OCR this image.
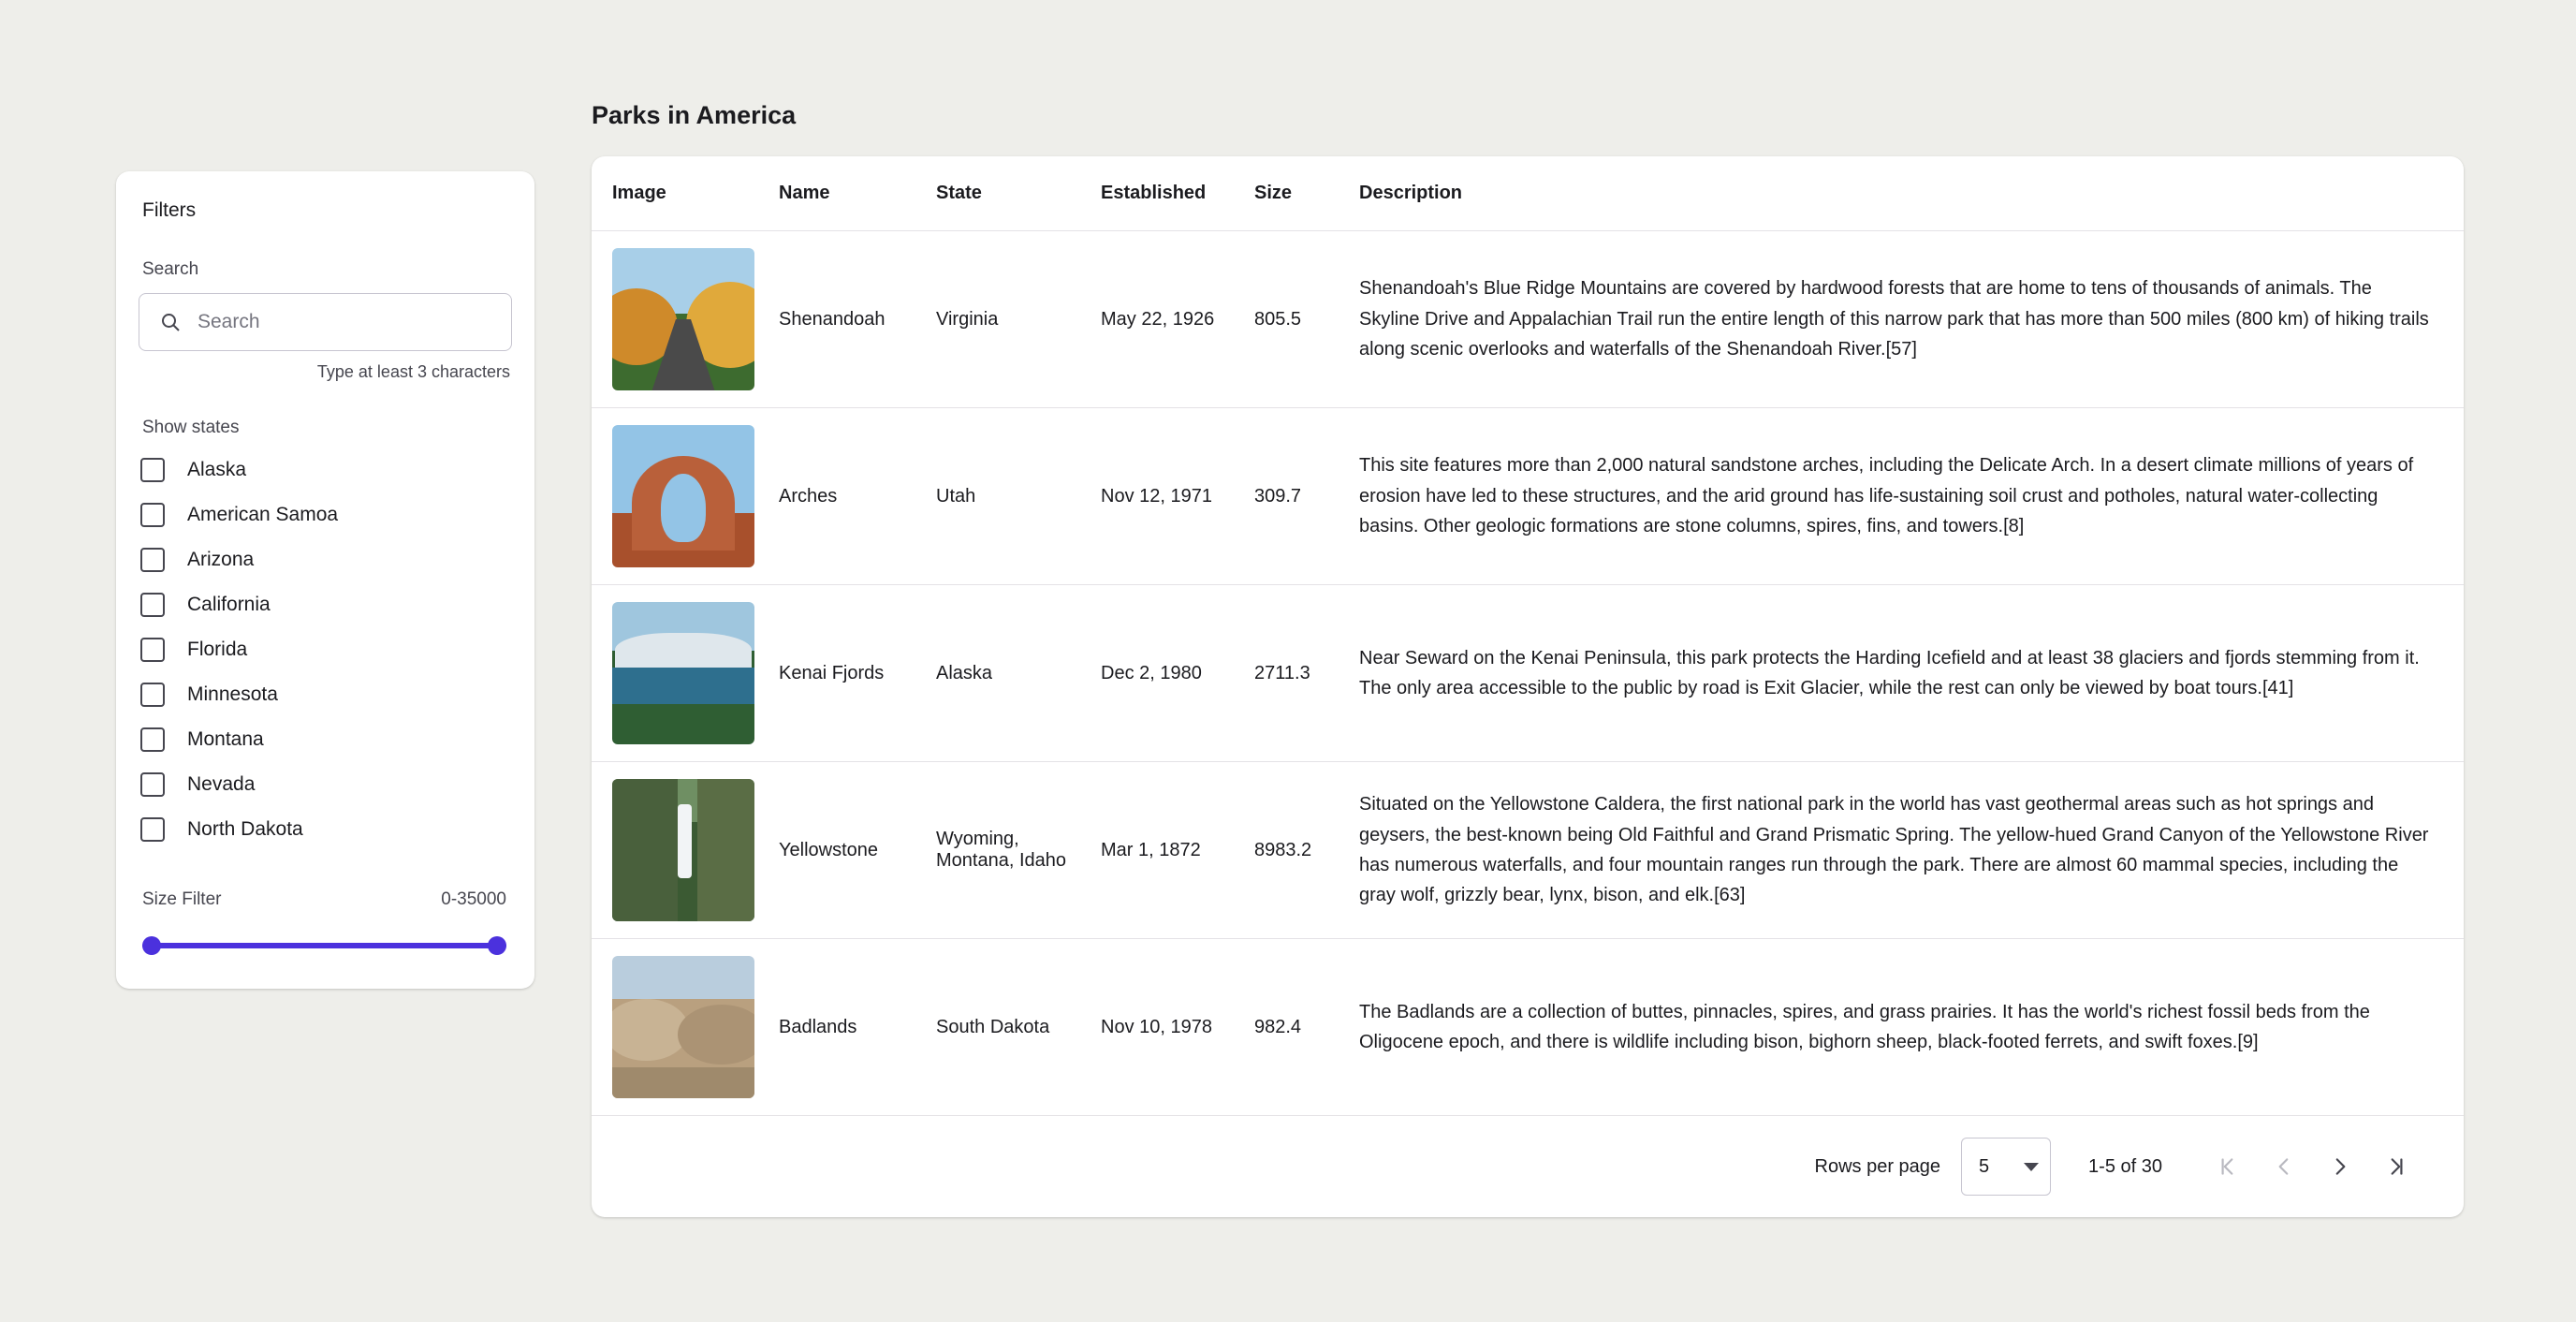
Filters
Search
Search
Type at least 3 characters
Show states
Alaska
American Samoa
Arizona
California
Florida
Minnesota
Montana
Nevada
North Dakota
Size Filter	0-35000
Parks in America
Image	Name	State	Established	Size	Description

	Shenandoah	Virginia	May 22, 1926	805.5	Shenandoah's Blue Ridge Mountains are covered by hardwood forests that are home to tens of thousands of animals. The Skyline Drive and Appalachian Trail run the entire length of this narrow park that has more than 500 miles (800 km) of hiking trails along scenic overlooks and waterfalls of the Shenandoah River.[57]

	Arches	Utah	Nov 12, 1971	309.7	This site features more than 2,000 natural sandstone arches, including the Delicate Arch. In a desert climate millions of years of erosion have led to these structures, and the arid ground has life-sustaining soil crust and potholes, natural water-collecting basins. Other geologic formations are stone columns, spires, fins, and towers.[8]

	Kenai Fjords	Alaska	Dec 2, 1980	2711.3	Near Seward on the Kenai Peninsula, this park protects the Harding Icefield and at least 38 glaciers and fjords stemming from it. The only area accessible to the public by road is Exit Glacier, while the rest can only be viewed by boat tours.[41]

	Yellowstone	Wyoming, Montana, Idaho	Mar 1, 1872	8983.2	Situated on the Yellowstone Caldera, the first national park in the world has vast geothermal areas such as hot springs and geysers, the best-known being Old Faithful and Grand Prismatic Spring. The yellow-hued Grand Canyon of the Yellowstone River has numerous waterfalls, and four mountain ranges run through the park. There are almost 60 mammal species, including the gray wolf, grizzly bear, lynx, bison, and elk.[63]

	Badlands	South Dakota	Nov 10, 1978	982.4	The Badlands are a collection of buttes, pinnacles, spires, and grass prairies. It has the world's richest fossil beds from the Oligocene epoch, and there is wildlife including bison, bighorn sheep, black-footed ferrets, and swift foxes.[9]
Rows per page 5	1-5 of 30
